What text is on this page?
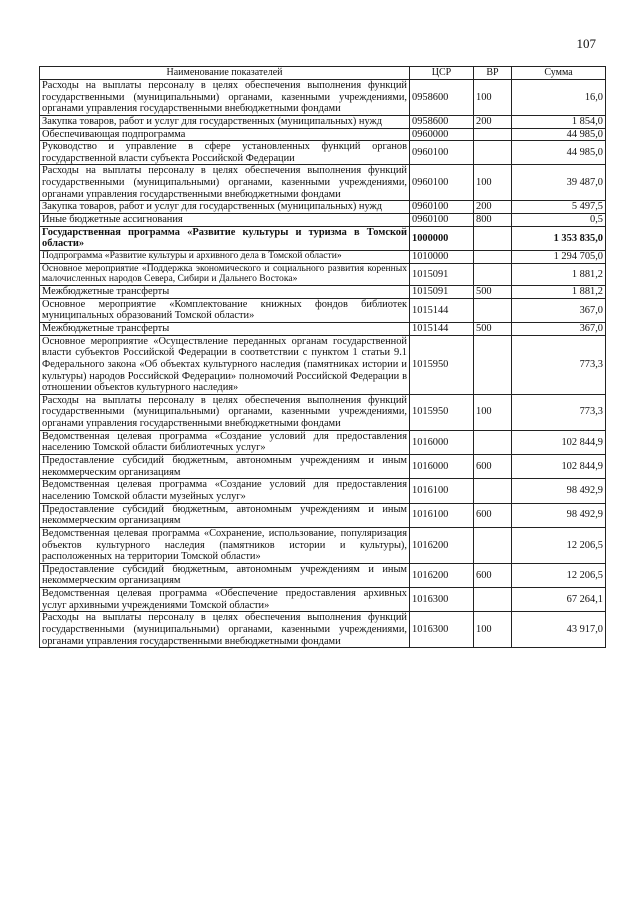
107
Наименование показателей	ЦСР	ВР	Сумма
Расходы на выплаты персоналу в целях обеспечения выполнения функций государственными (муниципальными) органами, казенными учреждениями, органами управления государственными внебюджетными фондами	0958600	100	16,0
Закупка товаров, работ и услуг для государственных (муниципальных) нужд	0958600	200	1 854,0
Обеспечивающая подпрограмма	0960000		44 985,0
Руководство и управление в сфере установленных функций органов государственной власти субъекта Российской Федерации	0960100		44 985,0
Расходы на выплаты персоналу в целях обеспечения выполнения функций государственными (муниципальными) органами, казенными учреждениями, органами управления государственными внебюджетными фондами	0960100	100	39 487,0
Закупка товаров, работ и услуг для государственных (муниципальных) нужд	0960100	200	5 497,5
Иные бюджетные ассигнования	0960100	800	0,5
Государственная программа «Развитие культуры и туризма в Томской области»	1000000		1 353 835,0
Подпрограмма «Развитие культуры и архивного дела в Томской области»	1010000		1 294 705,0
Основное мероприятие «Поддержка экономического и социального развития коренных малочисленных народов Севера, Сибири и Дальнего Востока»	1015091		1 881,2
Межбюджетные трансферты	1015091	500	1 881,2
Основное мероприятие «Комплектование книжных фондов библиотек муниципальных образований Томской области»	1015144		367,0
Межбюджетные трансферты	1015144	500	367,0
Основное мероприятие «Осуществление переданных органам государственной власти субъектов Российской Федерации в соответствии с пунктом 1 статьи 9.1 Федерального закона «Об объектах культурного наследия (памятниках истории и культуры) народов Российской Федерации» полномочий Российской Федерации в отношении объектов культурного наследия»	1015950		773,3
Расходы на выплаты персоналу в целях обеспечения выполнения функций государственными (муниципальными) органами, казенными учреждениями, органами управления государственными внебюджетными фондами	1015950	100	773,3
Ведомственная целевая программа «Создание условий для предоставления населению Томской области библиотечных услуг»	1016000		102 844,9
Предоставление субсидий бюджетным, автономным учреждениям и иным некоммерческим организациям	1016000	600	102 844,9
Ведомственная целевая программа «Создание условий для предоставления населению Томской области музейных услуг»	1016100		98 492,9
Предоставление субсидий бюджетным, автономным учреждениям и иным некоммерческим организациям	1016100	600	98 492,9
Ведомственная целевая программа «Сохранение, использование, популяризация объектов культурного наследия (памятников истории и культуры), расположенных на территории Томской области»	1016200		12 206,5
Предоставление субсидий бюджетным, автономным учреждениям и иным некоммерческим организациям	1016200	600	12 206,5
Ведомственная целевая программа «Обеспечение предоставления архивных услуг архивными учреждениями Томской области»	1016300		67 264,1
Расходы на выплаты персоналу в целях обеспечения выполнения функций государственными (муниципальными) органами, казенными учреждениями, органами управления государственными внебюджетными фондами	1016300	100	43 917,0
